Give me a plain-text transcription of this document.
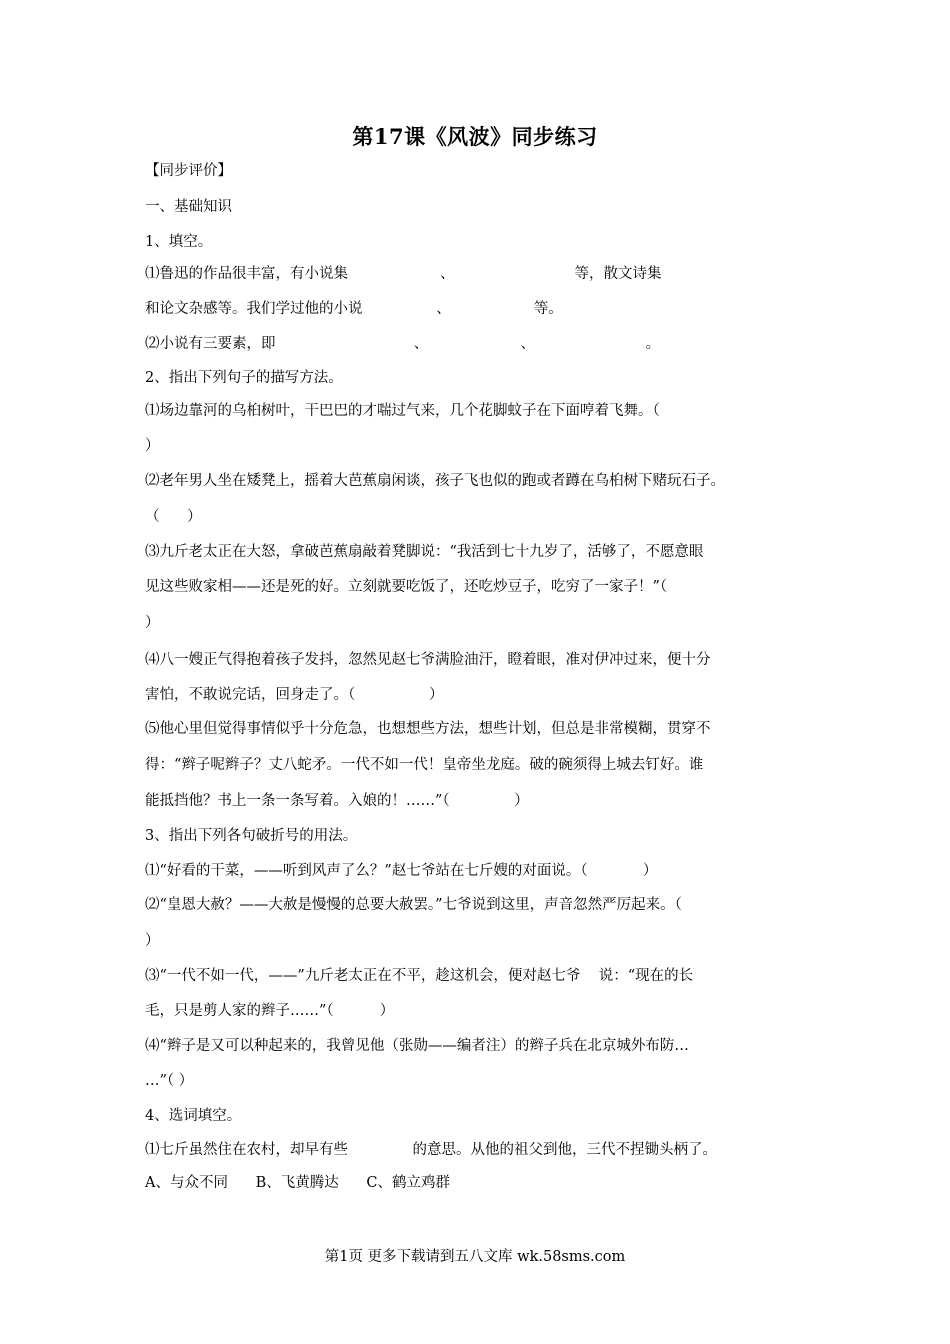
第17课《风波》同步练习
【同步评价】
一、基础知识
1、填空。
⑴鲁迅的作品很丰富，有小说集                    、                          等，散文诗集
和论文杂感等。我们学过他的小说                、                  等。
⑵小说有三要素，即                              、                    、                        。
2、指出下列句子的描写方法。
⑴场边靠河的乌桕树叶，干巴巴的才喘过气来，几个花脚蚊子在下面哼着飞舞。（
）
⑵老年男人坐在矮凳上，摇着大芭蕉扇闲谈，孩子飞也似的跑或者蹲在乌桕树下赌玩石子。
（      ）
⑶九斤老太正在大怒，拿破芭蕉扇敲着凳脚说：“我活到七十九岁了，活够了，不愿意眼
见这些败家相——还是死的好。立刻就要吃饭了，还吃炒豆子，吃穷了一家子！”（
）
⑷八一嫂正气得抱着孩子发抖，忽然见赵七爷满脸油汗，瞪着眼，准对伊冲过来，便十分
害怕，不敢说完话，回身走了。（                ）
⑸他心里但觉得事情似乎十分危急，也想想些方法，想些计划，但总是非常模糊，贯穿不
得：“辫子呢辫子？丈八蛇矛。一代不如一代！皇帝坐龙庭。破的碗须得上城去钉好。谁
能抵挡他？书上一条一条写着。入娘的！……”（              ）
3、指出下列各句破折号的用法。
⑴“好看的干菜，——听到风声了么？”赵七爷站在七斤嫂的对面说。（            ）
⑵“皇恩大赦？——大赦是慢慢的总要大赦罢。”七爷说到这里，声音忽然严厉起来。（
）
⑶“一代不如一代，——”九斤老太正在不平，趁这机会，便对赵七爷    说：“现在的长
毛，只是剪人家的辫子……”（          ）
⑷“辫子是又可以种起来的，我曾见他（张勋——编者注）的辫子兵在北京城外布防…
…”（ ）
4、选词填空。
⑴七斤虽然住在农村，却早有些              的意思。从他的祖父到他，三代不捏锄头柄了。
A、与众不同      B、飞黄腾达      C、鹤立鸡群
第1页 更多下载请到五八文库 wk.58sms.com
